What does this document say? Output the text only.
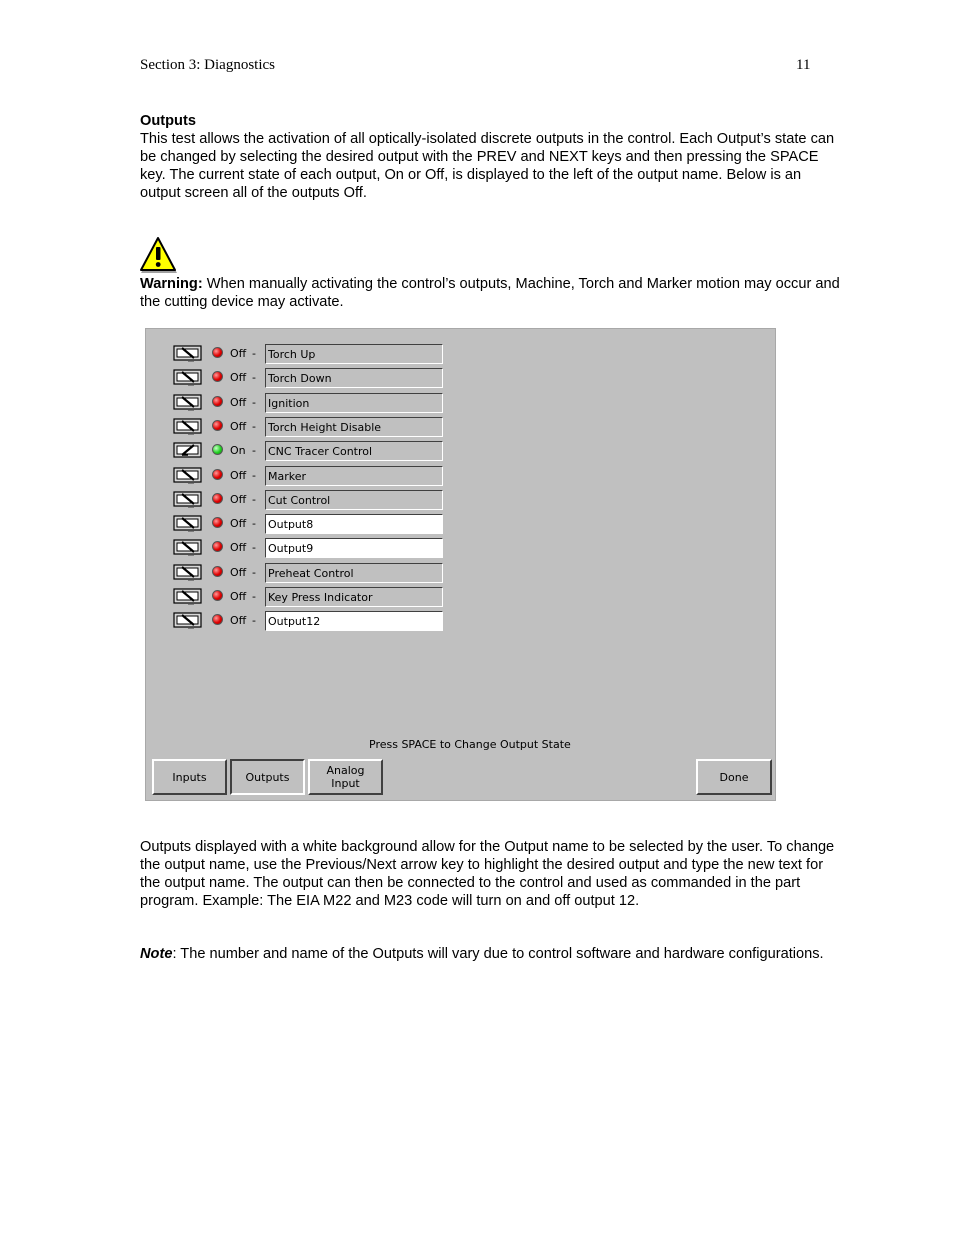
Section 3: Diagnostics	11
Outputs
This test allows the activation of all optically-isolated discrete outputs in the control. Each Output’s state can be changed by selecting the desired output with the PREV and NEXT keys and then pressing the SPACE key. The current state of each output, On or Off, is displayed to the left of the output name. Below is an output screen all of the outputs Off.
Warning: When manually activating the control’s outputs, Machine, Torch and Marker motion may occur and the cutting device may activate.
Off - Torch Up
Off - Torch Down
Off - Ignition
Off - Torch Height Disable
On - CNC Tracer Control
Off - Marker
Off - Cut Control
Off - Output8
Off - Output9
Off - Preheat Control
Off - Key Press Indicator
Off - Output12
Press SPACE to Change Output State
Inputs	Outputs	Analog
Input	Done
Outputs displayed with a white background allow for the Output name to be selected by the user. To change the output name, use the Previous/Next arrow key to highlight the desired output and type the new text for the output name. The output can then be connected to the control and used as commanded in the part program. Example: The EIA M22 and M23 code will turn on and off output 12.
Note: The number and name of the Outputs will vary due to control software and hardware configurations.
